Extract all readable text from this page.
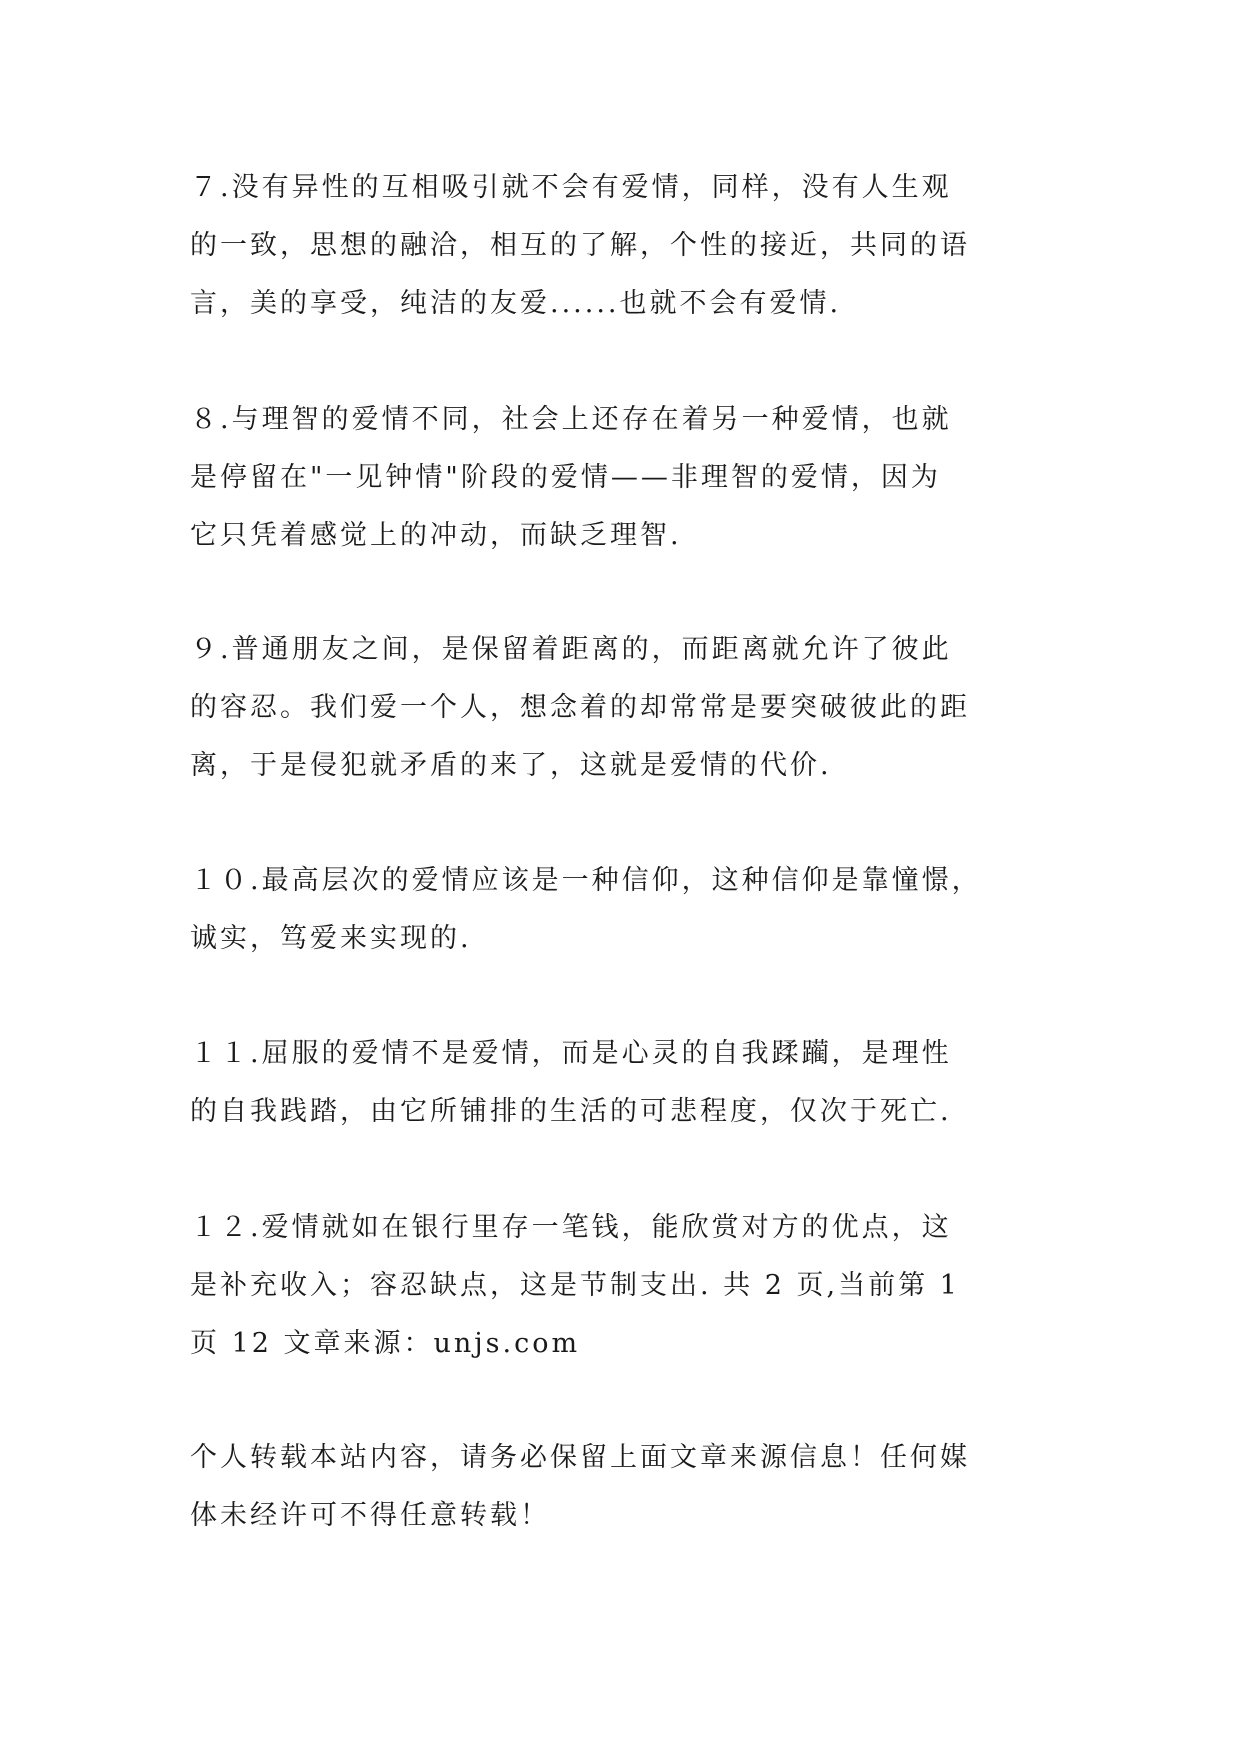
７.没有异性的互相吸引就不会有爱情，同样，没有人生观
的一致，思想的融洽，相互的了解，个性的接近，共同的语
言，美的享受，纯洁的友爱......也就不会有爱情.

８.与理智的爱情不同，社会上还存在着另一种爱情，也就
是停留在"一见钟情"阶段的爱情——非理智的爱情，因为
它只凭着感觉上的冲动，而缺乏理智.

９.普通朋友之间，是保留着距离的，而距离就允许了彼此
的容忍。我们爱一个人，想念着的却常常是要突破彼此的距
离，于是侵犯就矛盾的来了，这就是爱情的代价.

１０.最高层次的爱情应该是一种信仰，这种信仰是靠憧憬，
诚实，笃爱来实现的.

１１.屈服的爱情不是爱情，而是心灵的自我蹂躏，是理性
的自我践踏，由它所铺排的生活的可悲程度，仅次于死亡.

１２.爱情就如在银行里存一笔钱，能欣赏对方的优点，这
是补充收入；容忍缺点，这是节制支出. 共 2 页,当前第 1
页 12 文章来源：unjs.com

个人转载本站内容，请务必保留上面文章来源信息！任何媒
体未经许可不得任意转载！
